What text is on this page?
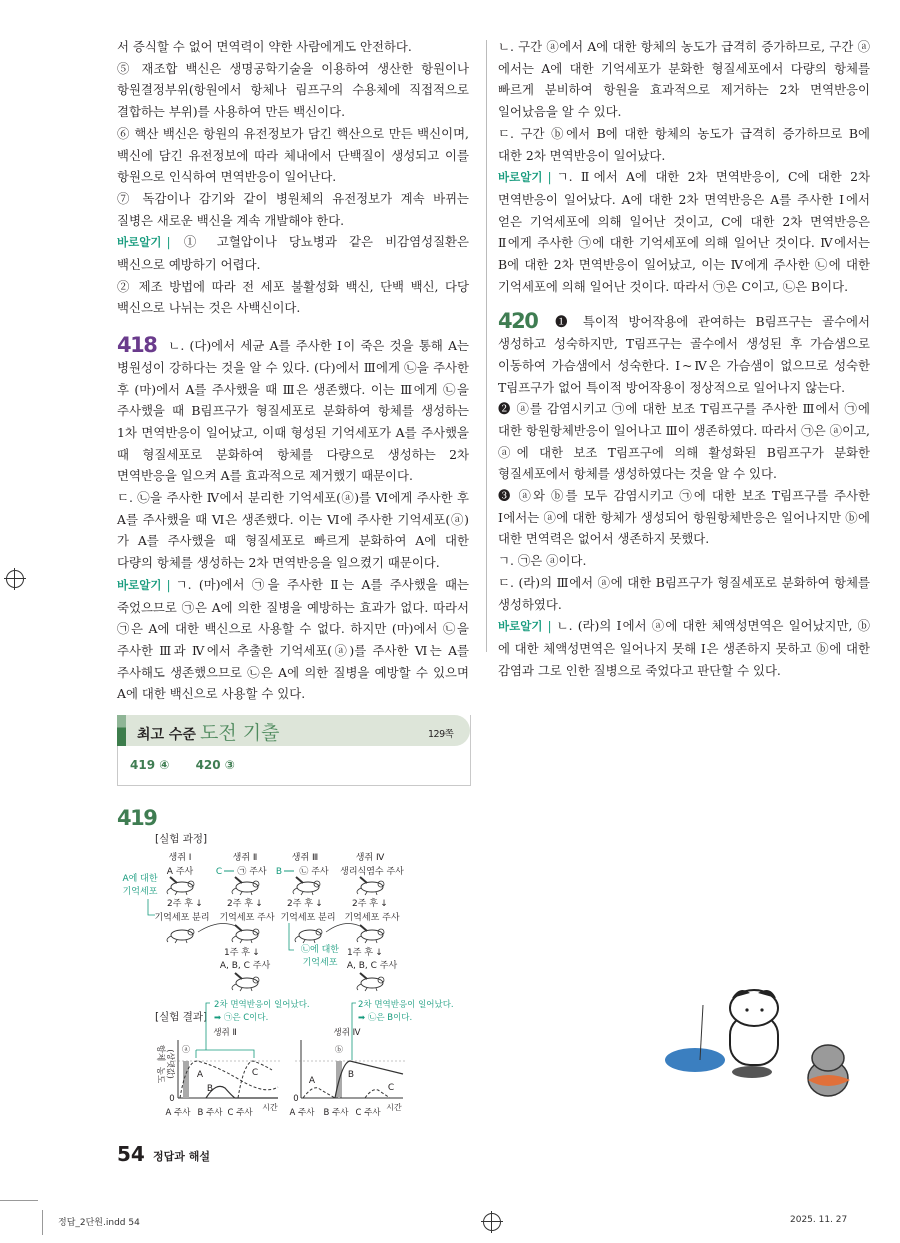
서 증식할 수 없어 면역력이 약한 사람에게도 안전하다.

⑤ 재조합 백신은 생명공학기술을 이용하여 생산한 항원이나 항원결정부위(항원에서 항체나 림프구의 수용체에 직접적으로 결합하는 부위)를 사용하여 만든 백신이다.

⑥ 핵산 백신은 항원의 유전정보가 담긴 핵산으로 만든 백신이며, 백신에 담긴 유전정보에 따라 체내에서 단백질이 생성되고 이를 항원으로 인식하여 면역반응이 일어난다.

⑦ 독감이나 감기와 같이 병원체의 유전정보가 계속 바뀌는 질병은 새로운 백신을 계속 개발해야 한다.

바로알기 | ① 고혈압이나 당뇨병과 같은 비감염성질환은 백신으로 예방하기 어렵다.

② 제조 방법에 따라 전 세포 불활성화 백신, 단백 백신, 다당 백신으로 나뉘는 것은 사백신이다.

418 ㄴ. (다)에서 세균 A를 주사한 Ⅰ이 죽은 것을 통해 A는 병원성이 강하다는 것을 알 수 있다. (다)에서 Ⅲ에게 ㉡을 주사한 후 (마)에서 A를 주사했을 때 Ⅲ은 생존했다. 이는 Ⅲ에게 ㉡을 주사했을 때 B림프구가 형질세포로 분화하여 항체를 생성하는 1차 면역반응이 일어났고, 이때 형성된 기억세포가 A를 주사했을 때 형질세포로 분화하여 항체를 다량으로 생성하는 2차 면역반응을 일으켜 A를 효과적으로 제거했기 때문이다.

ㄷ. ㉡을 주사한 Ⅳ에서 분리한 기억세포(ⓐ)를 Ⅵ에게 주사한 후 A를 주사했을 때 Ⅵ은 생존했다. 이는 Ⅵ에 주사한 기억세포(ⓐ)가 A를 주사했을 때 형질세포로 빠르게 분화하여 A에 대한 다량의 항체를 생성하는 2차 면역반응을 일으켰기 때문이다.

바로알기 | ㄱ. (마)에서 ㉠을 주사한 Ⅱ는 A를 주사했을 때는 죽었으므로 ㉠은 A에 의한 질병을 예방하는 효과가 없다. 따라서 ㉠은 A에 대한 백신으로 사용할 수 없다. 하지만 (마)에서 ㉡을 주사한 Ⅲ과 Ⅳ에서 추출한 기억세포(ⓐ)를 주사한 Ⅵ는 A를 주사해도 생존했으므로 ㉡은 A에 의한 질병을 예방할 수 있으며 A에 대한 백신으로 사용할 수 있다.

ㄴ. 구간 ⓐ에서 A에 대한 항체의 농도가 급격히 증가하므로, 구간 ⓐ에서는 A에 대한 기억세포가 분화한 형질세포에서 다량의 항체를 빠르게 분비하여 항원을 효과적으로 제거하는 2차 면역반응이 일어났음을 알 수 있다.

ㄷ. 구간 ⓑ에서 B에 대한 항체의 농도가 급격히 증가하므로 B에 대한 2차 면역반응이 일어났다.

바로알기 | ㄱ. Ⅱ에서 A에 대한 2차 면역반응이, C에 대한 2차 면역반응이 일어났다. A에 대한 2차 면역반응은 A를 주사한 Ⅰ에서 얻은 기억세포에 의해 일어난 것이고, C에 대한 2차 면역반응은 Ⅱ에게 주사한 ㉠에 대한 기억세포에 의해 일어난 것이다. Ⅳ에서는 B에 대한 2차 면역반응이 일어났고, 이는 Ⅳ에게 주사한 ㉡에 대한 기억세포에 의해 일어난 것이다. 따라서 ㉠은 C이고, ㉡은 B이다.

420 ❶ 특이적 방어작용에 관여하는 B림프구는 골수에서 생성하고 성숙하지만, T림프구는 골수에서 생성된 후 가슴샘으로 이동하여 가슴샘에서 성숙한다. Ⅰ~Ⅳ은 가슴샘이 없으므로 성숙한 T림프구가 없어 특이적 방어작용이 정상적으로 일어나지 않는다.

❷ ⓐ를 감염시키고 ㉠에 대한 보조 T림프구를 주사한 Ⅲ에서 ㉠에 대한 항원항체반응이 일어나고 Ⅲ이 생존하였다. 따라서 ㉠은 ⓐ이고, ⓐ에 대한 보조 T림프구에 의해 활성화된 B림프구가 분화한 형질세포에서 항체를 생성하였다는 것을 알 수 있다.

❸ ⓐ와 ⓑ를 모두 감염시키고 ㉠에 대한 보조 T림프구를 주사한 Ⅰ에서는 ⓐ에 대한 항체가 생성되어 항원항체반응은 일어나지만 ⓑ에 대한 면역력은 없어서 생존하지 못했다.

ㄱ. ㉠은 ⓐ이다.

ㄷ. (라)의 Ⅲ에서 ⓐ에 대한 B림프구가 형질세포로 분화하여 항체를 생성하였다.

바로알기 | ㄴ. (라)의 Ⅰ에서 ⓐ에 대한 체액성면역은 일어났지만, ⓑ에 대한 체액성면역은 일어나지 못해 Ⅰ은 생존하지 못하고 ⓑ에 대한 감염과 그로 인한 질병으로 죽었다고 판단할 수 있다.

최고 수준 도전 기출	129쪽
419 ④ 420 ③
419
[실험 과정]
생쥐 Ⅰ	생쥐 Ⅱ	생쥐 Ⅲ	생쥐 Ⅳ
A 주사	㉠ 주사	㉡ 주사 생리식염수 주사
C	B
A에 대한
기억세포
2주 후 ↓	2주 후 ↓	2주 후 ↓	2주 후 ↓
기억세포 분리 기억세포 주사 기억세포 분리 기억세포 주사
㉡에 대한
기억세포
1주 후 ↓	1주 후 ↓
A, B, C 주사	A, B, C 주사
[실험 결과]
2차 면역반응이 일어났다.
➡ ㉠은 C이다.
2차 면역반응이 일어났다.
➡ ㉡은 B이다.
생쥐 Ⅱ	생쥐 Ⅳ
항체
농도 (상댓값) ⓐ
A
B
C
0
A 주사 B 주사 C 주사
시간
ⓑ
A
B
C
0
A 주사 B 주사 C 주사
시간
54 정답과 해설
정답_2단원.indd 54	2025. 11. 27
